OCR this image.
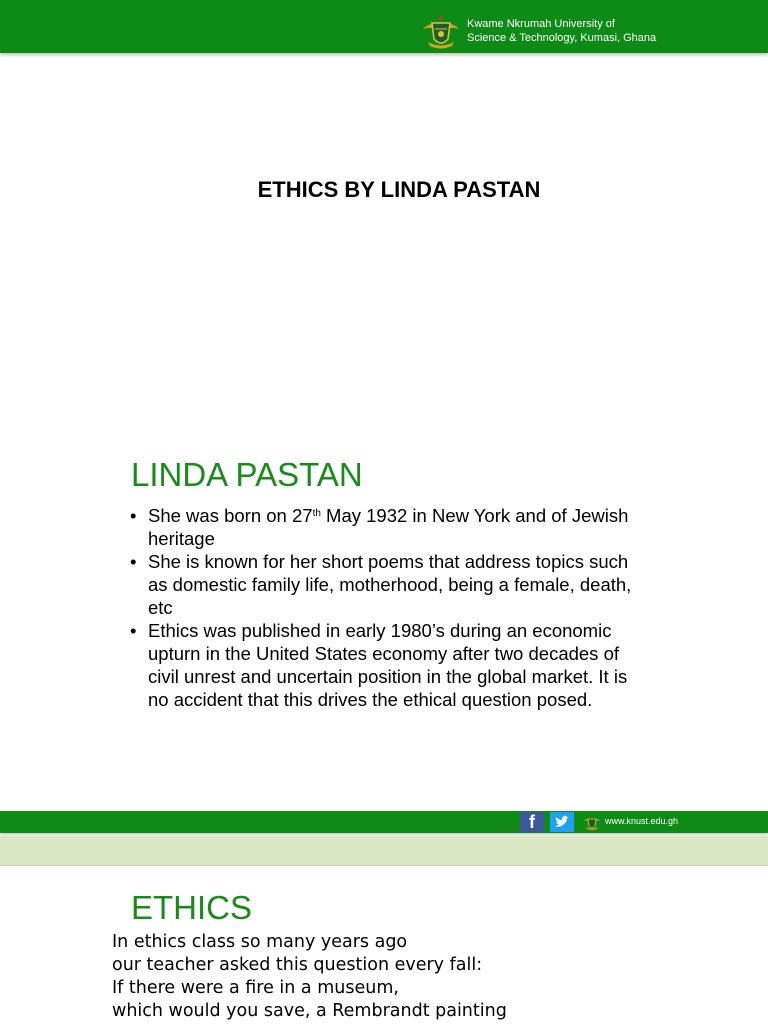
Kwame Nkrumah University of
Science & Technology, Kumasi, Ghana
ETHICS BY LINDA PASTAN
LINDA PASTAN
• She was born on 27th May 1932 in New York and of Jewish heritage
• She is known for her short poems that address topics such as domestic family life, motherhood, being a female, death, etc
• Ethics was published in early 1980’s during an economic upturn in the United States economy after two decades of civil unrest and uncertain position in the global market. It is no accident that this drives the ethical question posed.
f	www.knust.edu.gh
ETHICS
In ethics class so many years ago
our teacher asked this question every fall:
If there were a fire in a museum,
which would you save, a Rembrandt painting
